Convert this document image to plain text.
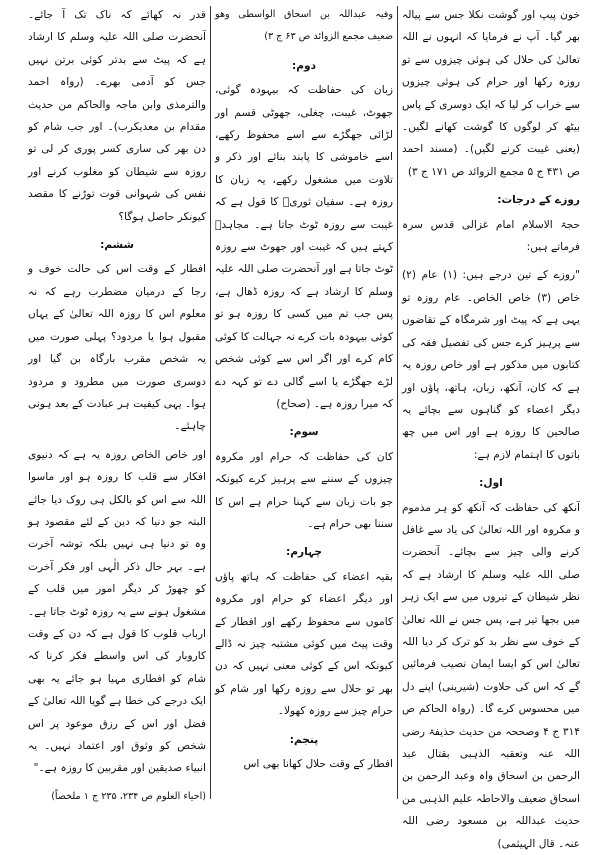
خون پیپ اور گوشت نکلا جس سے پیالہ بھر گیا۔ آپ نے فرمایا کہ انہوں نے اللہ تعالیٰ کی حلال کی ہوئی چیزوں سے تو روزہ رکھا اور حرام کی ہوئی چیزوں سے خراب کر لیا کہ ایک دوسری کے پاس بیٹھ کر لوگوں کا گوشت کھانے لگیں۔ (یعنی غیبت کرنے لگیں)۔ (مسند احمد ص ۴۳۱ ج ۵ مجمع الزوائد ص ۱۷۱ ج ۳)

روزے کے درجات:

حجۃ الاسلام امام غزالی قدس سرہ فرماتے ہیں:

"روزے کے تین درجے ہیں: (۱) عام (۲) خاص (۳) خاص الخاص۔ عام روزہ تو یہی ہے کہ پیٹ اور شرمگاہ کے تقاضوں سے پرہیز کرے جس کی تفصیل فقہ کی کتابوں میں مذکور ہے اور خاص روزہ یہ ہے کہ کان، آنکھ، زبان، ہاتھ، پاؤں اور دیگر اعضاء کو گناہوں سے بچائے یہ صالحین کا روزہ ہے اور اس میں چھ باتوں کا اہتمام لازم ہے:

اول:

آنکھ کی حفاظت کہ آنکھ کو ہر مذموم و مکروہ اور اللہ تعالیٰ کی یاد سے غافل کرنے والی چیز سے بچائے۔ آنحضرت صلی اللہ علیہ وسلم کا ارشاد ہے کہ نظر شیطان کے تیروں میں سے ایک زہر میں بجھا تیر ہے، پس جس نے اللہ تعالیٰ کے خوف سے نظر بد کو ترک کر دیا اللہ تعالیٰ اس کو ایسا ایمان نصیب فرمائیں گے کہ اس کی حلاوت (شیرینی) اپنے دل میں محسوس کرے گا۔ (رواہ الحاکم ص ۳۱۴ ج ۴ وصححہ من حدیث حذیفۃ رضی اللہ عنہ وتعقبہ الذہبی بقتال عبد الرحمن بن اسحاق واہ وعبد الرحمن بن اسحاق ضعیف والاحاطہ علیم الذہبی من حدیث عبداللہ بن مسعود رضی اللہ عنہ۔ قال الہیثمی)

وفیہ عبداللہ بن اسحاق الواسطی وھو ضعیف مجمع الزوائد ص ۶۳ ج ۳)

دوم:

زبان کی حفاظت کہ بیہودہ گوئی، جھوٹ، غیبت، چغلی، جھوٹی قسم اور لڑائی جھگڑے سے اسے محفوظ رکھے، اسے خاموشی کا پابند بنائے اور ذکر و تلاوت میں مشغول رکھے، یہ زبان کا روزہ ہے۔ سفیان ثوریؒ کا قول ہے کہ غیبت سے روزہ ٹوٹ جاتا ہے۔ مجاہدؒ کہتے ہیں کہ غیبت اور جھوٹ سے روزہ ٹوٹ جاتا ہے اور آنحضرت صلی اللہ علیہ وسلم کا ارشاد ہے کہ روزہ ڈھال ہے، پس جب تم میں کسی کا روزہ ہو تو کوئی بیہودہ بات کرے نہ جہالت کا کوئی کام کرے اور اگر اس سے کوئی شخص لڑے جھگڑے یا اسے گالی دے تو کہہ دے کہ میرا روزہ ہے۔ (صحاح)

سوم:

کان کی حفاظت کہ حرام اور مکروہ چیزوں کے سننے سے پرہیز کرے کیونکہ جو بات زبان سے کہنا حرام ہے اس کا سننا بھی حرام ہے۔

چہارم:

بقیہ اعضاء کی حفاظت کہ ہاتھ پاؤں اور دیگر اعضاء کو حرام اور مکروہ کاموں سے محفوظ رکھے اور افطار کے وقت پیٹ میں کوئی مشتبہ چیز نہ ڈالے کیونکہ اس کے کوئی معنی نہیں کہ دن بھر تو حلال سے روزہ رکھا اور شام کو حرام چیز سے روزہ کھولا۔

پنجم:

افطار کے وقت حلال کھانا بھی اس

قدر نہ کھائے کہ ناک تک آ جائے۔ آنحضرت صلی اللہ علیہ وسلم کا ارشاد ہے کہ پیٹ سے بدتر کوئی برتن نہیں جس کو آدمی بھرے۔ (رواہ احمد والترمذی وابن ماجہ والحاکم من حدیث مقدام بن معدیکرب)۔ اور جب شام کو دن بھر کی ساری کسر پوری کر لی تو روزہ سے شیطان کو مغلوب کرنے اور نفس کی شہوانی قوت توڑنے کا مقصد کیونکر حاصل ہوگا؟

ششم:

افطار کے وقت اس کی حالت خوف و رجا کے درمیان مضطرب رہے کہ نہ معلوم اس کا روزہ اللہ تعالیٰ کے یہاں مقبول ہوا یا مردود؟ پہلی صورت میں یہ شخص مقرب بارگاہ بن گیا اور دوسری صورت میں مطرود و مردود ہوا۔ یہی کیفیت ہر عبادت کے بعد ہونی چاہئے۔

اور خاص الخاص روزہ یہ ہے کہ دنیوی افکار سے قلب کا روزہ ہو اور ماسوا اللہ سے اس کو بالکل ہی روک دیا جائے البتہ جو دنیا کہ دین کے لئے مقصود ہو وہ تو دنیا ہی نہیں بلکہ توشہ آخرت ہے۔ بہر حال ذکر الٰہی اور فکر آخرت کو چھوڑ کر دیگر امور میں قلب کے مشغول ہونے سے یہ روزہ ٹوٹ جاتا ہے۔ ارباب قلوب کا قول ہے کہ دن کے وقت کاروبار کی اس واسطے فکر کرنا کہ شام کو افطاری مہیا ہو جائے یہ بھی ایک درجے کی خطا ہے گویا اللہ تعالیٰ کے فضل اور اس کے رزق موعود پر اس شخص کو وثوق اور اعتماد نہیں۔ یہ انبیاء صدیقین اور مقربین کا روزہ ہے۔"

(احیاء العلوم ص ۲۳۴، ۲۳۵ ج ۱ ملخصاً)
